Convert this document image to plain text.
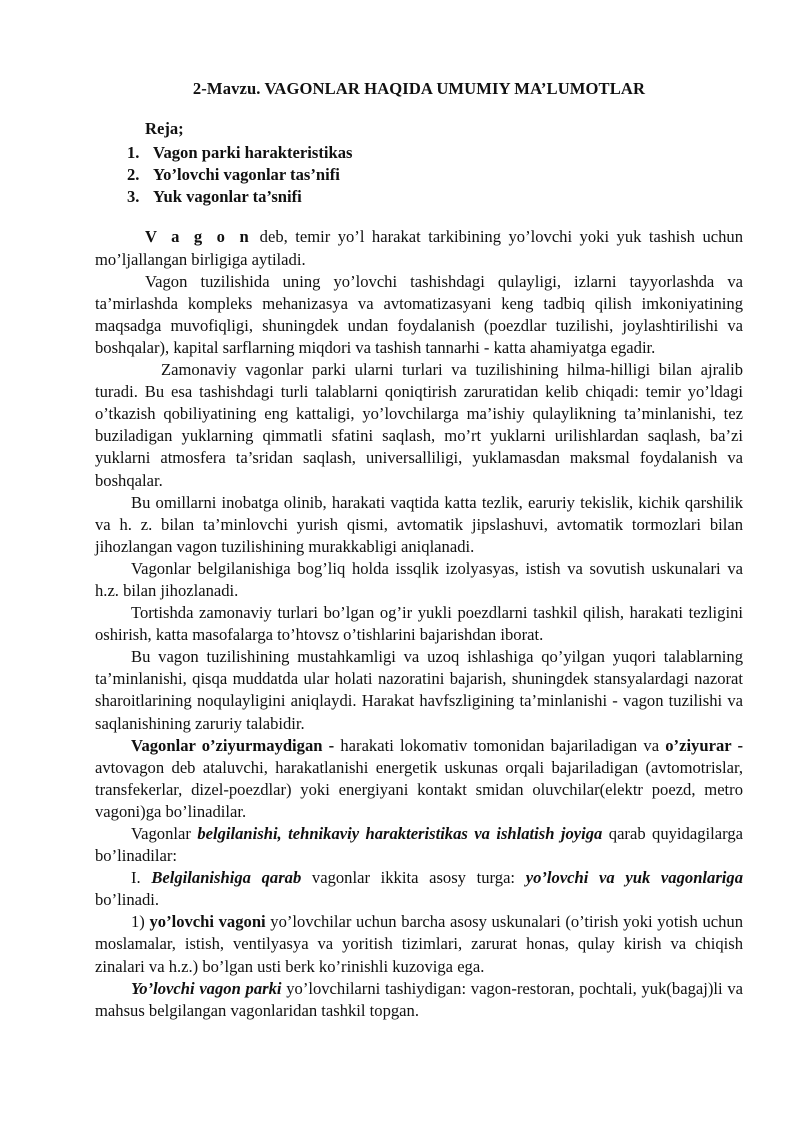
2-Mavzu. VAGONLAR HAQIDA UMUMIY MA’LUMOTLAR
Reja;
1. Vagon parki harakteristikas
2. Yo’lovchi vagonlar tas’nifi
3. Yuk vagonlar ta’snifi

V a g o n deb, temir yo’l harakat tarkibining yo’lovchi yoki yuk tashish uchun mo’ljallangan birligiga aytiladi.

Vagon tuzilishida uning yo’lovchi tashishdagi qulayligi, izlarni tayyorlashda va ta’mirlashda kompleks mehanizasya va avtomatizasyani keng tadbiq qilish imkoniyatining maqsadga muvofiqligi, shuningdek undan foydalanish (poezdlar tuzilishi, joylashtirilishi va boshqalar), kapital sarflarning miqdori va tashish tannarhi - katta ahamiyatga egadir.

Zamonaviy vagonlar parki ularni turlari va tuzilishining hilma-hilligi bilan ajralib turadi. Bu esa tashishdagi turli talablarni qoniqtirish zaruratidan kelib chiqadi: temir yo’ldagi o’tkazish qobiliyatining eng kattaligi, yo’lovchilarga ma’ishiy qulaylikning ta’minlanishi, tez buziladigan yuklarning qimmatli sfatini saqlash, mo’rt yuklarni urilishlardan saqlash, ba’zi yuklarni atmosfera ta’sridan saqlash, universalliligi, yuklamasdan maksmal foydalanish va boshqalar.

Bu omillarni inobatga olinib, harakati vaqtida katta tezlik, earuriy tekislik, kichik qarshilik va h. z. bilan ta’minlovchi yurish qismi, avtomatik jipslashuvi, avtomatik tormozlari bilan jihozlangan vagon tuzilishining murakkabligi aniqlanadi.

Vagonlar belgilanishiga bog’liq holda issqlik izolyasyas, istish va sovutish uskunalari va h.z. bilan jihozlanadi.

Tortishda zamonaviy turlari bo’lgan og’ir yukli poezdlarni tashkil qilish, harakati tezligini oshirish, katta masofalarga to’htovsz o’tishlarini bajarishdan iborat.

Bu vagon tuzilishining mustahkamligi va uzoq ishlashiga qo’yilgan yuqori talablarning ta’minlanishi, qisqa muddatda ular holati nazoratini bajarish, shuningdek stansyalardagi nazorat sharoitlarining noqulayligini aniqlaydi. Harakat havfszligining ta’minlanishi - vagon tuzilishi va saqlanishining zaruriy talabidir.

Vagonlar o’ziyurmaydigan - harakati lokomativ tomonidan bajariladigan va o’ziyurar - avtovagon deb ataluvchi, harakatlanishi energetik uskunas orqali bajariladigan (avtomotrislar, transfekerlar, dizel-poezdlar) yoki energiyani kontakt smidan oluvchilar(elektr poezd, metro vagoni)ga bo’linadilar.

Vagonlar belgilanishi, tehnikaviy harakteristikas va ishlatish joyiga qarab quyidagilarga bo’linadilar:

I. Belgilanishiga qarab vagonlar ikkita asosy turga: yo’lovchi va yuk vagonlariga bo’linadi.

1) yo’lovchi vagoni yo’lovchilar uchun barcha asosy uskunalari (o’tirish yoki yotish uchun moslamalar, istish, ventilyasya va yoritish tizimlari, zarurat honas, qulay kirish va chiqish zinalari va h.z.) bo’lgan usti berk ko’rinishli kuzoviga ega.

Yo’lovchi vagon parki yo’lovchilarni tashiydigan: vagon-restoran, pochtali, yuk(bagaj)li va mahsus belgilangan vagonlaridan tashkil topgan.
